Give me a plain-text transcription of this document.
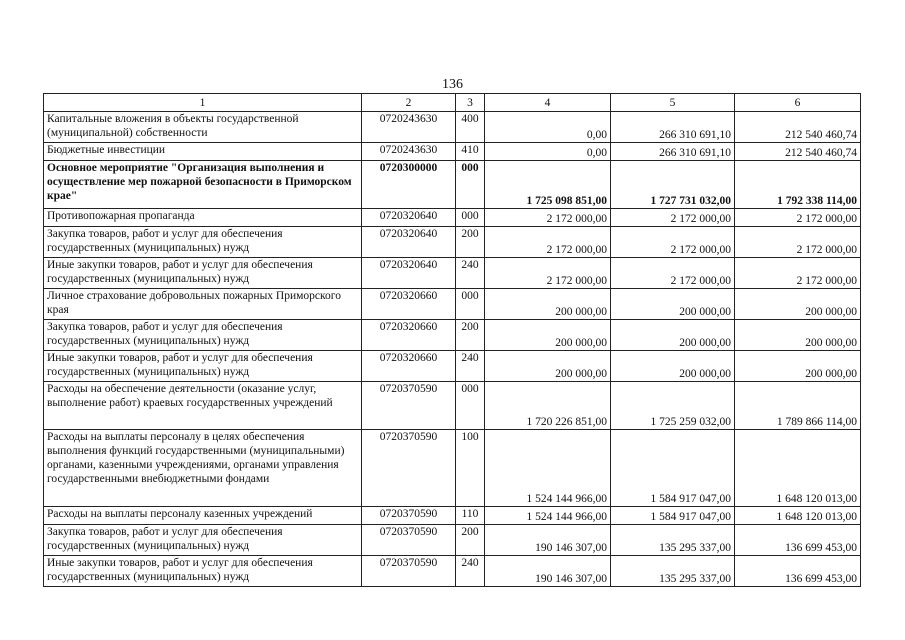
136
1	2	3	4	5	6
Капитальные вложения в объекты государственной (муниципальной) собственности	0720243630	400	0,00	266 310 691,10	212 540 460,74
Бюджетные инвестиции	0720243630	410	0,00	266 310 691,10	212 540 460,74
Основное мероприятие "Организация выполнения и осуществление мер пожарной безопасности в Приморском крае"	0720300000	000	1 725 098 851,00	1 727 731 032,00	1 792 338 114,00
Противопожарная пропаганда	0720320640	000	2 172 000,00	2 172 000,00	2 172 000,00
Закупка товаров, работ и услуг для обеспечения государственных (муниципальных) нужд	0720320640	200	2 172 000,00	2 172 000,00	2 172 000,00
Иные закупки товаров, работ и услуг для обеспечения государственных (муниципальных) нужд	0720320640	240	2 172 000,00	2 172 000,00	2 172 000,00
Личное страхование добровольных пожарных Приморского края	0720320660	000	200 000,00	200 000,00	200 000,00
Закупка товаров, работ и услуг для обеспечения государственных (муниципальных) нужд	0720320660	200	200 000,00	200 000,00	200 000,00
Иные закупки товаров, работ и услуг для обеспечения государственных (муниципальных) нужд	0720320660	240	200 000,00	200 000,00	200 000,00
Расходы на обеспечение деятельности (оказание услуг, выполнение работ) краевых государственных учреждений	0720370590	000	1 720 226 851,00	1 725 259 032,00	1 789 866 114,00
Расходы на выплаты персоналу в целях обеспечения выполнения функций государственными (муниципальными) органами, казенными учреждениями, органами управления государственными внебюджетными фондами	0720370590	100	1 524 144 966,00	1 584 917 047,00	1 648 120 013,00
Расходы на выплаты персоналу казенных учреждений	0720370590	110	1 524 144 966,00	1 584 917 047,00	1 648 120 013,00
Закупка товаров, работ и услуг для обеспечения государственных (муниципальных) нужд	0720370590	200	190 146 307,00	135 295 337,00	136 699 453,00
Иные закупки товаров, работ и услуг для обеспечения государственных (муниципальных) нужд	0720370590	240	190 146 307,00	135 295 337,00	136 699 453,00
